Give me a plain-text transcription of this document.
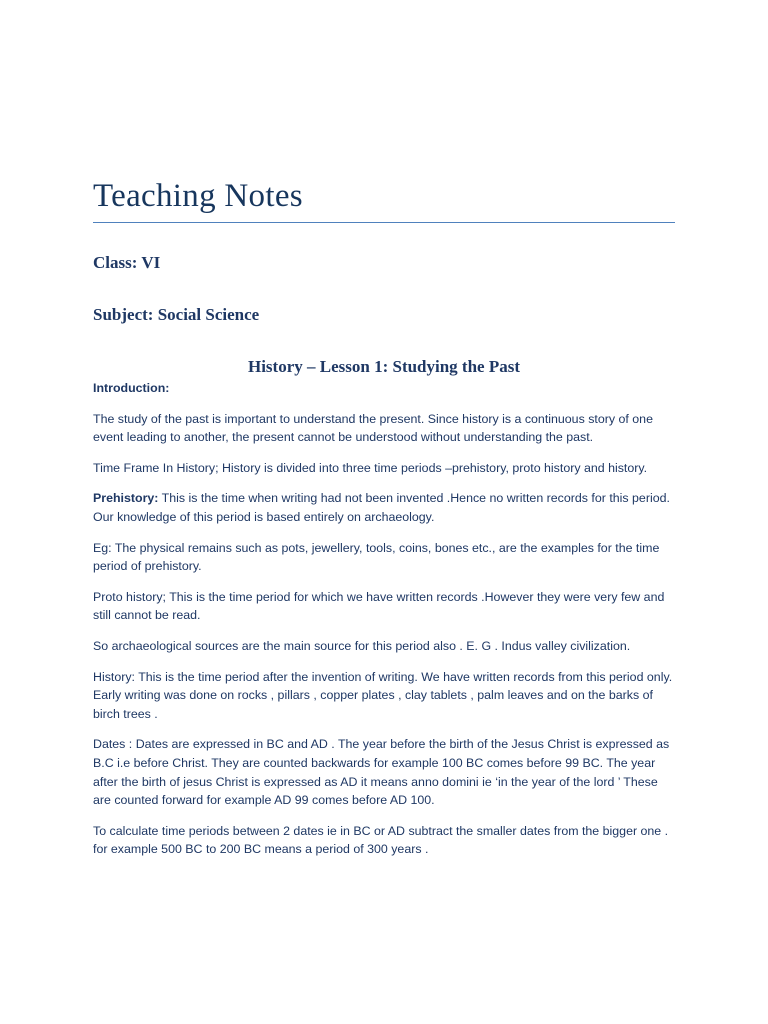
Teaching Notes
Class: VI
Subject: Social Science
History – Lesson 1: Studying the Past

Introduction:

The study of the past is important to understand the present. Since history is a continuous story of one event leading to another, the present cannot be understood without understanding the past.

Time Frame In History; History is divided into three time periods –prehistory, proto history and history.

Prehistory: This is the time when writing had not been invented .Hence no written records for this period. Our knowledge of this period is based entirely on archaeology.

Eg: The physical remains such as pots, jewellery, tools, coins, bones etc., are the examples for the time period of prehistory.

Proto history; This is the time period for which we have written records .However they were very few and still cannot be read.

So archaeological sources are the main source for this period also . E. G . Indus valley civilization.

History: This is the time period after the invention of writing. We have written records from this period only. Early writing was done on rocks , pillars , copper plates , clay tablets , palm leaves and on the barks of birch trees .

Dates : Dates are expressed in BC and AD . The year before the birth of the Jesus Christ is expressed as B.C i.e before Christ. They are counted backwards for example 100 BC comes before 99 BC. The year after the birth of jesus Christ is expressed as AD it means anno domini ie ‘in the year of the lord ’ These are counted forward for example AD 99 comes before AD 100.

To calculate time periods between 2 dates ie in BC or AD subtract the smaller dates from the bigger one . for example 500 BC to 200 BC means a period of 300 years .
